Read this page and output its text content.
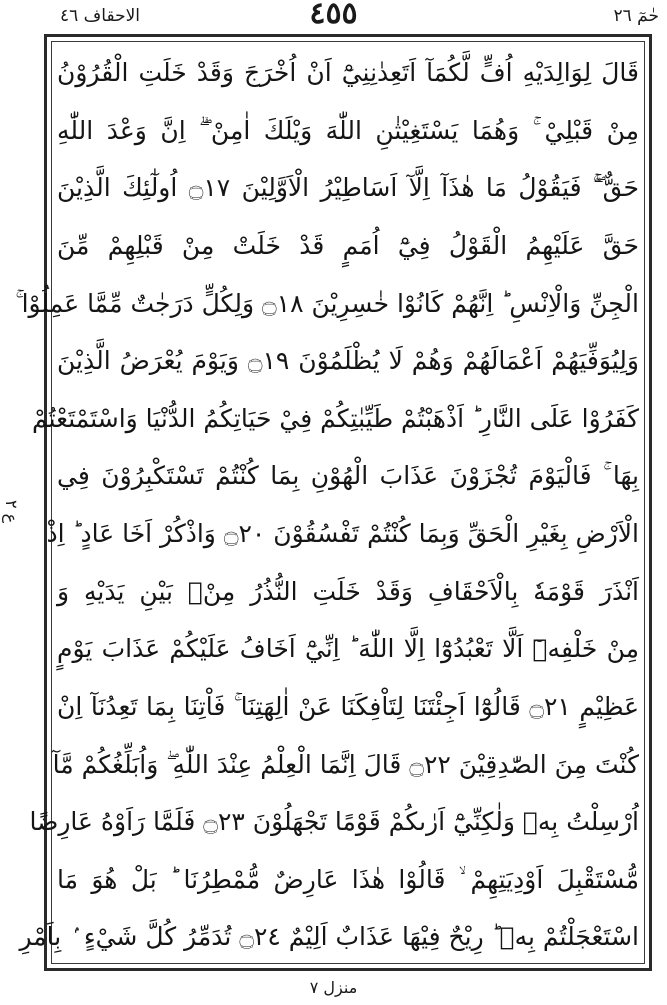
حٰمٓ ٢٦
٤٥٥
الاحقاف ٤٦
ع ٢
قَالَ لِوَالِدَيْهِ اُفٍّ لَّكُمَآ اَتَعِدٰنِنِيْٓ اَنْ اُخْرَجَ وَقَدْ خَلَتِ الْقُرُوْنُ
مِنْ قَبْلِيْ ۚ وَهُمَا يَسْتَغِيْثٰنِ اللّٰهَ وَيْلَكَ اٰمِنْ ۖۗ اِنَّ وَعْدَ اللّٰهِ
حَقٌّ ۚۖ فَيَقُوْلُ مَا هٰذَآ اِلَّآ اَسَاطِيْرُ الْاَوَّلِيْنَ ۝١٧ اُولٰٓئِكَ الَّذِيْنَ
حَقَّ عَلَيْهِمُ الْقَوْلُ فِيْٓ اُمَمٍ قَدْ خَلَتْ مِنْ قَبْلِهِمْ مِّنَ
الْجِنِّ وَالْاِنْسِ ؕ اِنَّهُمْ كَانُوْا خٰسِرِيْنَ ۝١٨ وَلِكُلٍّ دَرَجٰتٌ مِّمَّا عَمِلُوْا ۚ
وَلِيُوَفِّيَهُمْ اَعْمَالَهُمْ وَهُمْ لَا يُظْلَمُوْنَ ۝١٩ وَيَوْمَ يُعْرَضُ الَّذِيْنَ
كَفَرُوْا عَلَى النَّارِ ؕ اَذْهَبْتُمْ طَيِّبٰتِكُمْ فِيْ حَيَاتِكُمُ الدُّنْيَا وَاسْتَمْتَعْتُمْ
بِهَا ۚ فَالْيَوْمَ تُجْزَوْنَ عَذَابَ الْهُوْنِ بِمَا كُنْتُمْ تَسْتَكْبِرُوْنَ فِي
الْاَرْضِ بِغَيْرِ الْحَقِّ وَبِمَا كُنْتُمْ تَفْسُقُوْنَ ۝٢٠ وَاذْكُرْ اَخَا عَادٍ ؕ اِذْ
اَنْذَرَ قَوْمَهٗ بِالْاَحْقَافِ وَقَدْ خَلَتِ النُّذُرُ مِنْۢ بَيْنِ يَدَيْهِ وَ
مِنْ خَلْفِهٖٓ اَلَّا تَعْبُدُوْٓا اِلَّا اللّٰهَ ؕ اِنِّيْٓ اَخَافُ عَلَيْكُمْ عَذَابَ يَوْمٍ
عَظِيْمٍ ۝٢١ قَالُوْٓا اَجِئْتَنَا لِتَاْفِكَنَا عَنْ اٰلِهَتِنَا ۚ فَاْتِنَا بِمَا تَعِدُنَآ اِنْ
كُنْتَ مِنَ الصّٰدِقِيْنَ ۝٢٢ قَالَ اِنَّمَا الْعِلْمُ عِنْدَ اللّٰهِ ۖ وَاُبَلِّغُكُمْ مَّآ
اُرْسِلْتُ بِهٖ وَلٰكِنِّيْٓ اَرٰىكُمْ قَوْمًا تَجْهَلُوْنَ ۝٢٣ فَلَمَّا رَاَوْهُ عَارِضًا
مُّسْتَقْبِلَ اَوْدِيَتِهِمْ ۙ قَالُوْا هٰذَا عَارِضٌ مُّمْطِرُنَا ؕ بَلْ هُوَ مَا
اسْتَعْجَلْتُمْ بِهٖ ؕ رِيْحٌ فِيْهَا عَذَابٌ اَلِيْمٌ ۝٢٤ تُدَمِّرُ كُلَّ شَيْءٍ ۢ بِاَمْرِ
منزل ٧
